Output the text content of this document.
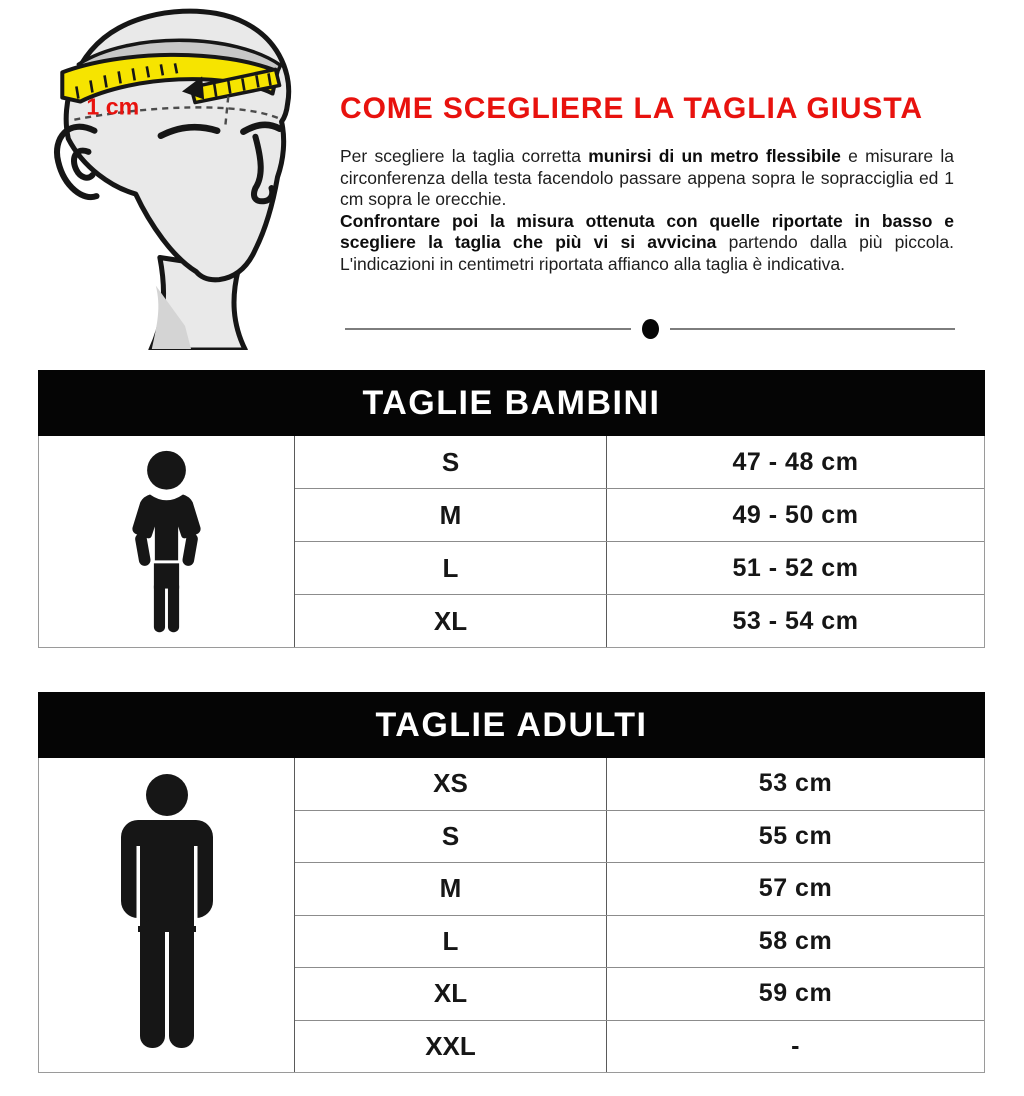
1 cm	COME SCEGLIERE LA TAGLIA GIUSTA

Per scegliere la taglia corretta munirsi di un metro flessibile e misurare la circonferenza della testa facendolo passare appena sopra le sopracciglia ed 1 cm sopra le orecchie.

Confrontare poi la misura ottenuta con quelle riportate in basso e scegliere la taglia che più vi si avvicina partendo dalla più piccola. L'indicazioni in centimetri riportata affianco alla taglia è indicativa.

TAGLIE BAMBINI
S	47 - 48 cm
M	49 - 50 cm
L	51 - 52 cm
XL	53 - 54 cm
TAGLIE ADULTI
XS	53 cm
S	55 cm
M	57 cm
L	58 cm
XL	59 cm
XXL	-
